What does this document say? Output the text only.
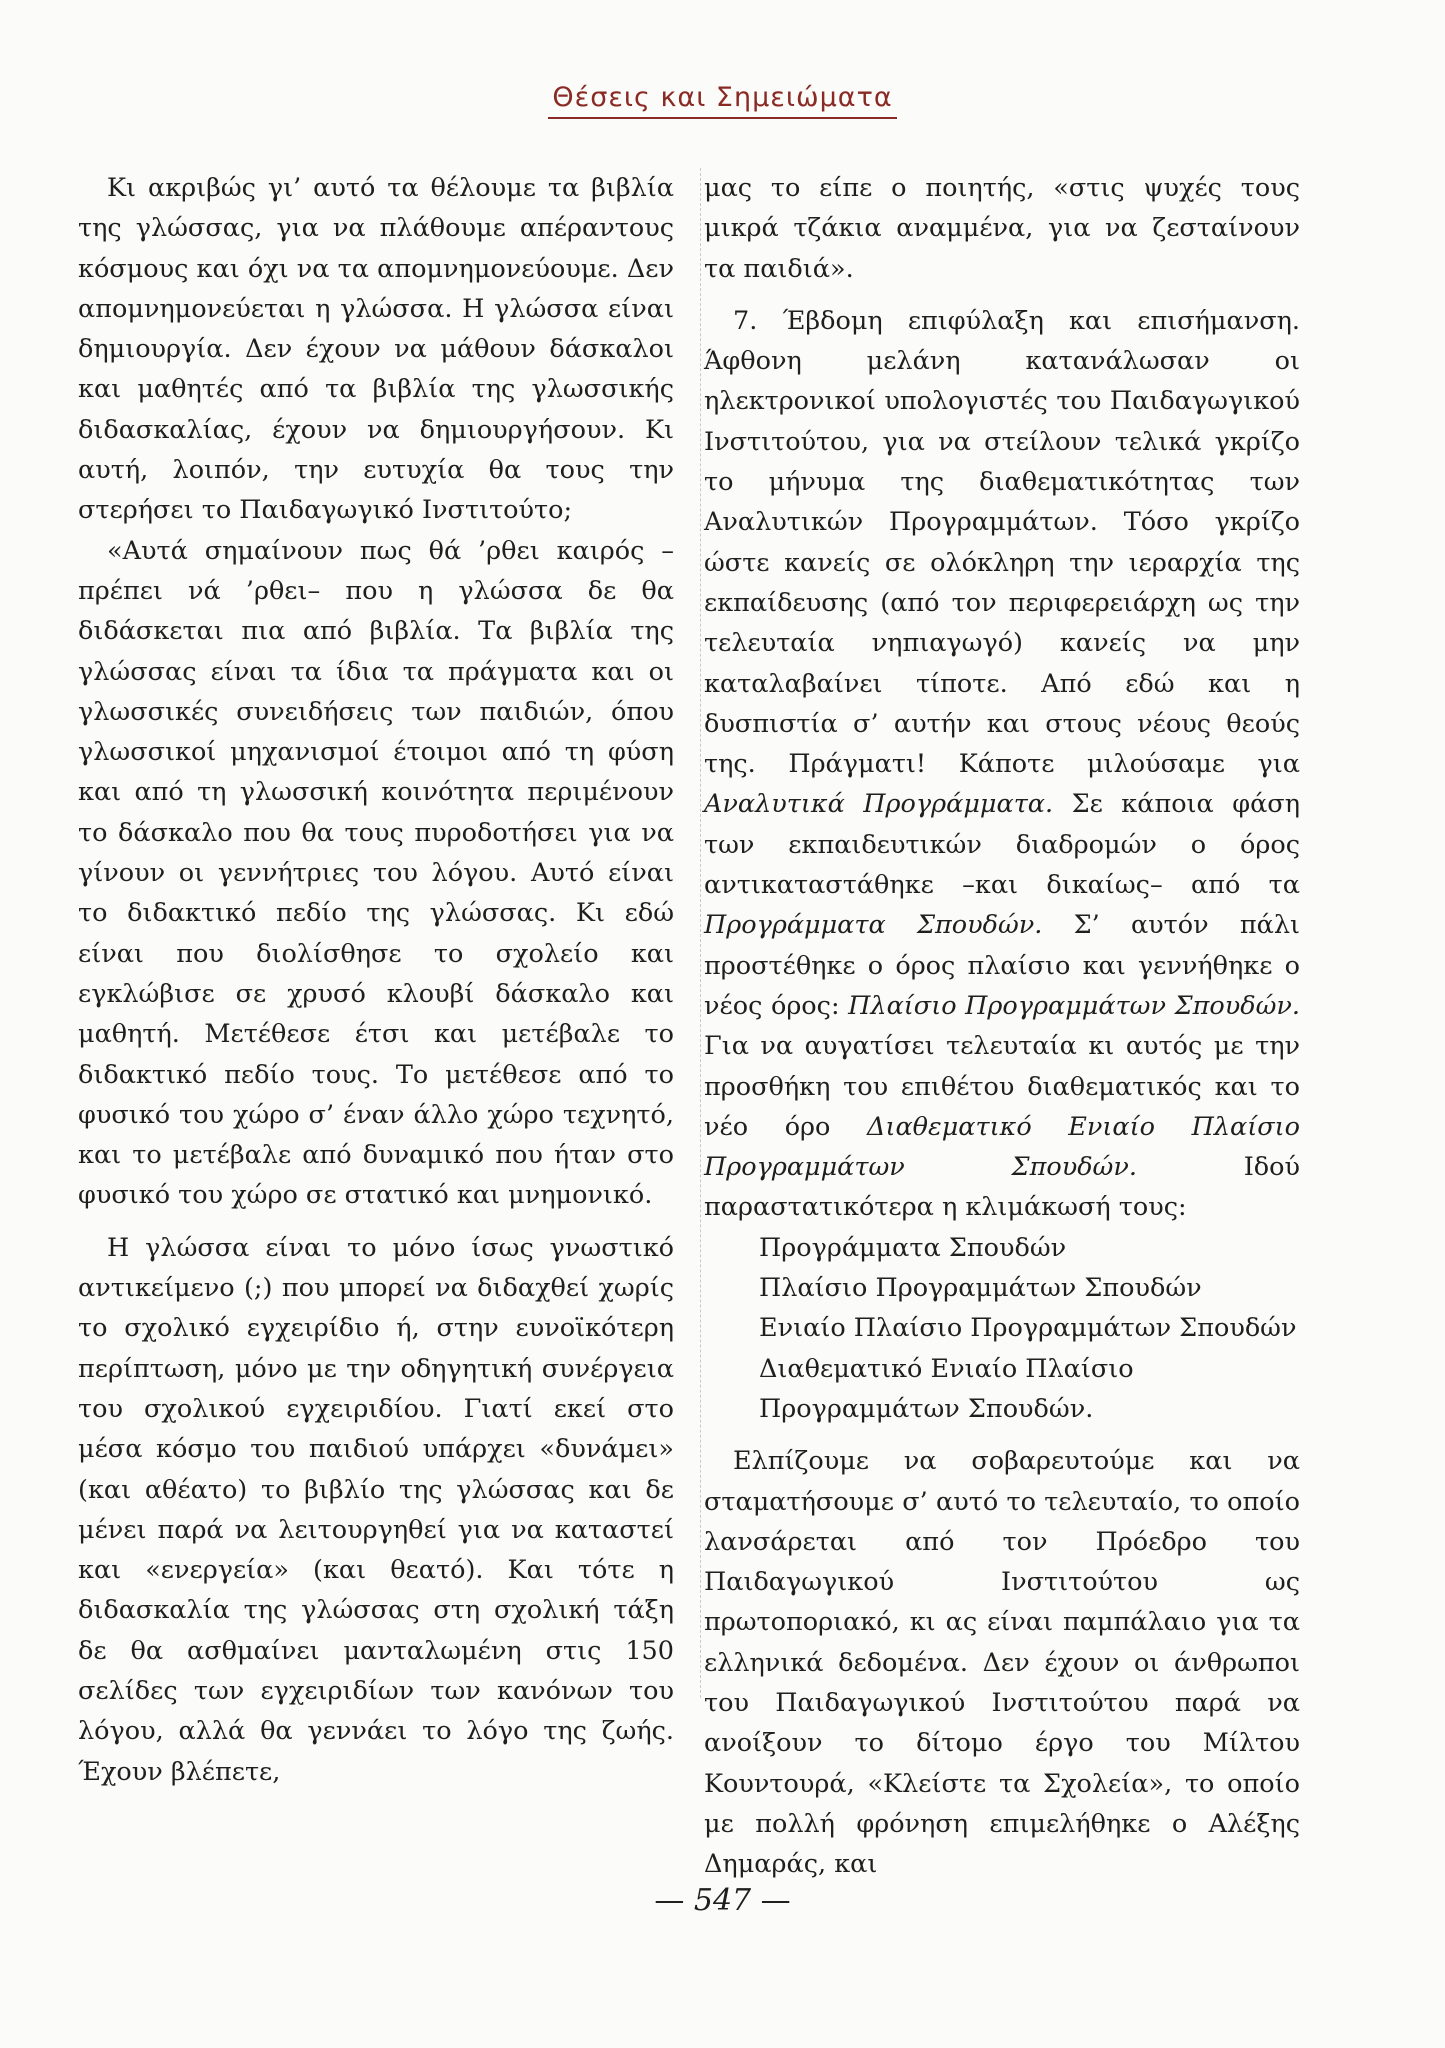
Θέσεις και Σημειώματα

Κι ακριβώς γι’ αυτό τα θέλουμε τα βιβλία της γλώσσας, για να πλάθουμε απέραντους κόσμους και όχι να τα απομνημονεύουμε. Δεν απομνημονεύεται η γλώσσα. Η γλώσσα είναι δημιουργία. Δεν έχουν να μάθουν δάσκαλοι και μαθητές από τα βιβλία της γλωσσικής διδασκαλίας, έχουν να δημιουργήσουν. Κι αυτή, λοιπόν, την ευτυχία θα τους την στερήσει το Παιδαγωγικό Ινστιτούτο;

«Αυτά σημαίνουν πως θά ’ρθει καιρός –πρέπει νά ’ρθει– που η γλώσσα δε θα διδάσκεται πια από βιβλία. Τα βιβλία της γλώσσας είναι τα ίδια τα πράγματα και οι γλωσσικές συνειδήσεις των παιδιών, όπου γλωσσικοί μηχανισμοί έτοιμοι από τη φύση και από τη γλωσσική κοινότητα περιμένουν το δάσκαλο που θα τους πυροδοτήσει για να γίνουν οι γεννήτριες του λόγου. Αυτό είναι το διδακτικό πεδίο της γλώσσας. Κι εδώ είναι που διολίσθησε το σχολείο και εγκλώβισε σε χρυσό κλουβί δάσκαλο και μαθητή. Μετέθεσε έτσι και μετέβαλε το διδακτικό πεδίο τους. Το μετέθεσε από το φυσικό του χώρο σ’ έναν άλλο χώρο τεχνητό, και το μετέβαλε από δυναμικό που ήταν στο φυσικό του χώρο σε στατικό και μνημονικό.

Η γλώσσα είναι το μόνο ίσως γνωστικό αντικείμενο (;) που μπορεί να διδαχθεί χωρίς το σχολικό εγχειρίδιο ή, στην ευνοϊκότερη περίπτωση, μόνο με την οδηγητική συνέργεια του σχολικού εγχειριδίου. Γιατί εκεί στο μέσα κόσμο του παιδιού υπάρχει «δυνάμει» (και αθέατο) το βιβλίο της γλώσσας και δε μένει παρά να λειτουργηθεί για να καταστεί και «ενεργεία» (και θεατό). Και τότε η διδασκαλία της γλώσσας στη σχολική τάξη δε θα ασθμαίνει μανταλωμένη στις 150 σελίδες των εγχειριδίων των κανόνων του λόγου, αλλά θα γεννάει το λόγο της ζωής. Έχουν βλέπετε,

μας το είπε ο ποιητής, «στις ψυχές τους μικρά τζάκια αναμμένα, για να ζεσταίνουν τα παιδιά».

7. Έβδομη επιφύλαξη και επισήμανση. Άφθονη μελάνη κατανάλωσαν οι ηλεκτρονικοί υπολογιστές του Παιδαγωγικού Ινστιτούτου, για να στείλουν τελικά γκρίζο το μήνυμα της διαθεματικότητας των Αναλυτικών Προγραμμάτων. Τόσο γκρίζο ώστε κανείς σε ολόκληρη την ιεραρχία της εκπαίδευσης (από τον περιφερειάρχη ως την τελευταία νηπιαγωγό) κανείς να μην καταλαβαίνει τίποτε. Από εδώ και η δυσπιστία σ’ αυτήν και στους νέους θεούς της. Πράγματι! Κάποτε μιλούσαμε για Αναλυτικά Προγράμματα. Σε κάποια φάση των εκπαιδευτικών διαδρομών ο όρος αντικαταστάθηκε –και δικαίως– από τα Προγράμματα Σπουδών. Σ’ αυτόν πάλι προστέθηκε ο όρος πλαίσιο και γεννήθηκε ο νέος όρος: Πλαίσιο Προγραμμάτων Σπουδών. Για να αυγατίσει τελευταία κι αυτός με την προσθήκη του επιθέτου διαθεματικός και το νέο όρο Διαθεματικό Ενιαίο Πλαίσιο Προγραμμάτων Σπουδών. Ιδού παραστατικότερα η κλιμάκωσή τους:

Προγράμματα Σπουδών

Πλαίσιο Προγραμμάτων Σπουδών

Ενιαίο Πλαίσιο Προγραμμάτων Σπουδών

Διαθεματικό Ενιαίο Πλαίσιο Προγραμμάτων Σπουδών.

Ελπίζουμε να σοβαρευτούμε και να σταματήσουμε σ’ αυτό το τελευταίο, το οποίο λανσάρεται από τον Πρόεδρο του Παιδαγωγικού Ινστιτούτου ως πρωτοποριακό, κι ας είναι παμπάλαιο για τα ελληνικά δεδομένα. Δεν έχουν οι άνθρωποι του Παιδαγωγικού Ινστιτούτου παρά να ανοίξουν το δίτομο έργο του Μίλτου Κουντουρά, «Κλείστε τα Σχολεία», το οποίο με πολλή φρόνηση επιμελήθηκε ο Αλέξης Δημαράς, και

— 547 —
